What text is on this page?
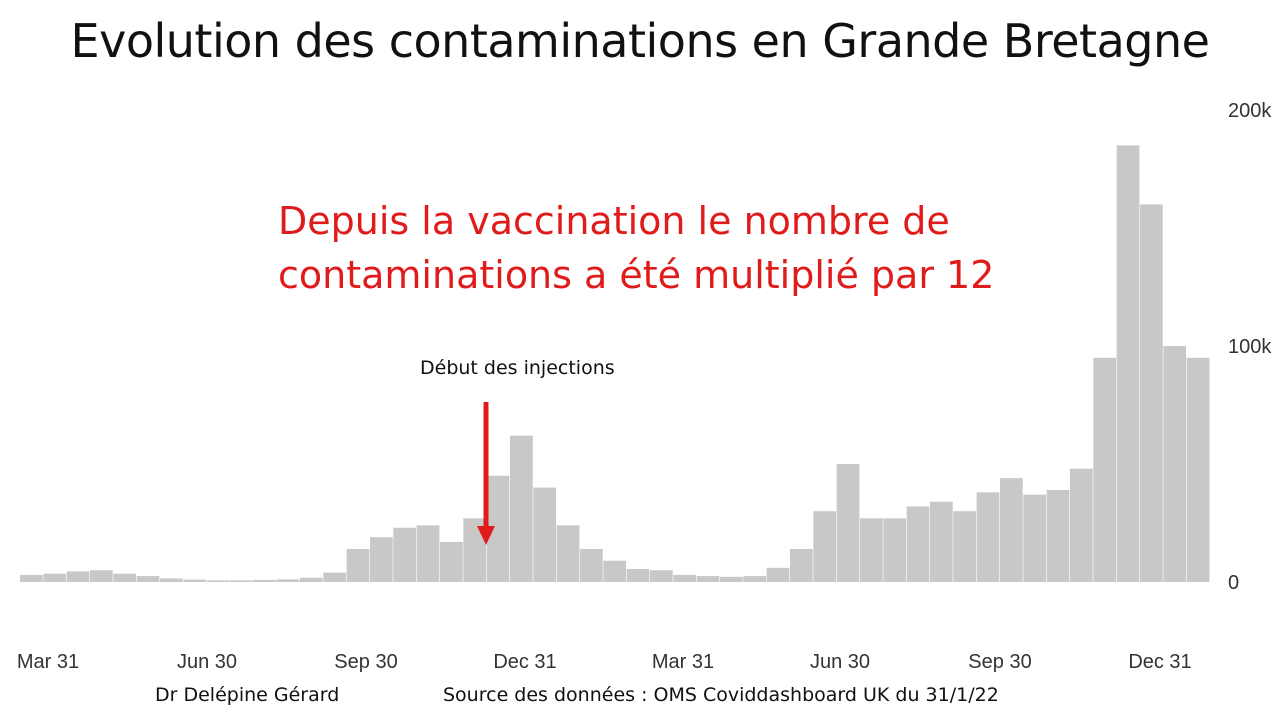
Evolution des contaminations en Grande Bretagne
0
100k
200k
Mar 31	Jun 30	Sep 30	Dec 31	Mar 31	Jun 30	Sep 30	Dec 31
Depuis la vaccination le nombre de
contaminations a été multiplié par 12
Début des injections
Dr Delépine Gérard	Source des données : OMS Coviddashboard UK du 31/1/22
